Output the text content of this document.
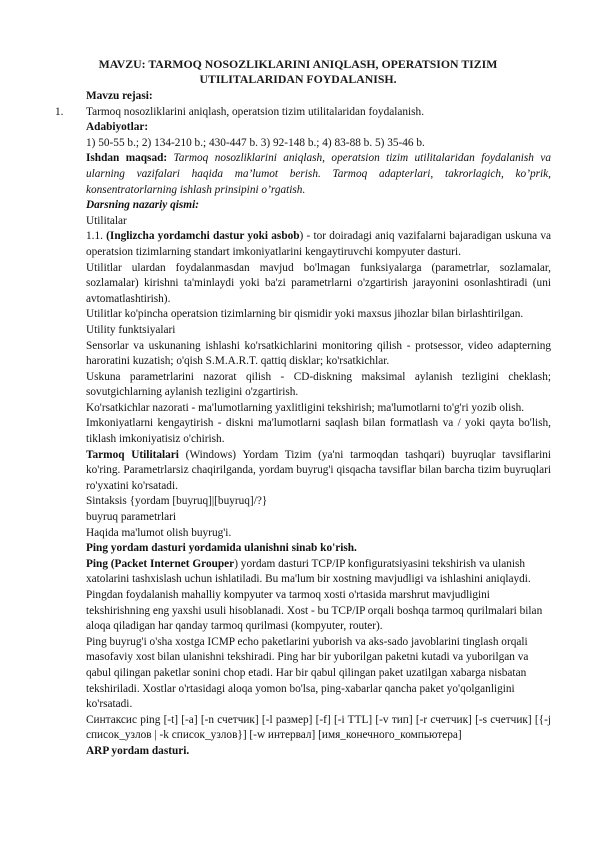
MAVZU: TARMOQ NOSOZLIKLARINI ANIQLASH, OPERATSION TIZIM
UTILITALARIDAN FOYDALANISH.

Mavzu rejasi:

1. Tarmoq nosozliklarini aniqlash, operatsion tizim utilitalaridan foydalanish.

Adabiyotlar:

1) 50-55 b.; 2) 134-210 b.; 430-447 b. 3) 92-148 b.; 4) 83-88 b. 5) 35-46 b.

Ishdan maqsad: Tarmoq nosozliklarini aniqlash, operatsion tizim utilitalaridan foydalanish va ularning vazifalari haqida ma’lumot berish. Tarmoq adapterlari, takrorlagich, ko’prik, konsentratorlarning ishlash prinsipini o’rgatish.

Darsning nazariy qismi:

Utilitalar

1.1. (Inglizcha yordamchi dastur yoki asbob) - tor doiradagi aniq vazifalarni bajaradigan uskuna va operatsion tizimlarning standart imkoniyatlarini kengaytiruvchi kompyuter dasturi.

Utilitlar ulardan foydalanmasdan mavjud bo'lmagan funksiyalarga (parametrlar, sozlamalar, sozlamalar) kirishni ta'minlaydi yoki ba'zi parametrlarni o'zgartirish jarayonini osonlashtiradi (uni avtomatlashtirish).

Utilitlar ko'pincha operatsion tizimlarning bir qismidir yoki maxsus jihozlar bilan birlashtirilgan.

Utility funktsiyalari

Sensorlar va uskunaning ishlashi ko'rsatkichlarini monitoring qilish - protsessor, video adapterning haroratini kuzatish; o'qish S.M.A.R.T. qattiq disklar; ko'rsatkichlar.

Uskuna parametrlarini nazorat qilish - CD-diskning maksimal aylanish tezligini cheklash; sovutgichlarning aylanish tezligini o'zgartirish.

Ko'rsatkichlar nazorati - ma'lumotlarning yaxlitligini tekshirish; ma'lumotlarni to'g'ri yozib olish.

Imkoniyatlarni kengaytirish - diskni ma'lumotlarni saqlash bilan formatlash va / yoki qayta bo'lish, tiklash imkoniyatisiz o'chirish.

Tarmoq Utilitalari (Windows) Yordam Tizim (ya'ni tarmoqdan tashqari) buyruqlar tavsiflarini ko'ring. Parametrlarsiz chaqirilganda, yordam buyrug'i qisqacha tavsiflar bilan barcha tizim buyruqlari ro'yxatini ko'rsatadi.

Sintaksis {yordam [buyruq]|[buyruq]/?}

buyruq parametrlari

Haqida ma'lumot olish buyrug'i.

Ping yordam dasturi yordamida ulanishni sinab ko'rish.

Ping (Packet Internet Grouper) yordam dasturi TCP/IP konfiguratsiyasini tekshirish va ulanish xatolarini tashxislash uchun ishlatiladi. Bu ma'lum bir xostning mavjudligi va ishlashini aniqlaydi. Pingdan foydalanish mahalliy kompyuter va tarmoq xosti o'rtasida marshrut mavjudligini tekshirishning eng yaxshi usuli hisoblanadi. Xost - bu TCP/IP orqali boshqa tarmoq qurilmalari bilan aloqa qiladigan har qanday tarmoq qurilmasi (kompyuter, router).

Ping buyrug'i o'sha xostga ICMP echo paketlarini yuborish va aks-sado javoblarini tinglash orqali masofaviy xost bilan ulanishni tekshiradi. Ping har bir yuborilgan paketni kutadi va yuborilgan va qabul qilingan paketlar sonini chop etadi. Har bir qabul qilingan paket uzatilgan xabarga nisbatan tekshiriladi. Xostlar o'rtasidagi aloqa yomon bo'lsa, ping-xabarlar qancha paket yo'qolganligini ko'rsatadi.

Синтаксис ping [-t] [-a] [-n счетчик] [-l размер] [-f] [-i TTL] [-v тип] [-r счетчик] [-s счетчик] [{-j список_узлов | -k список_узлов}] [-w интервал] [имя_конечного_компьютера]

ARP yordam dasturi.
